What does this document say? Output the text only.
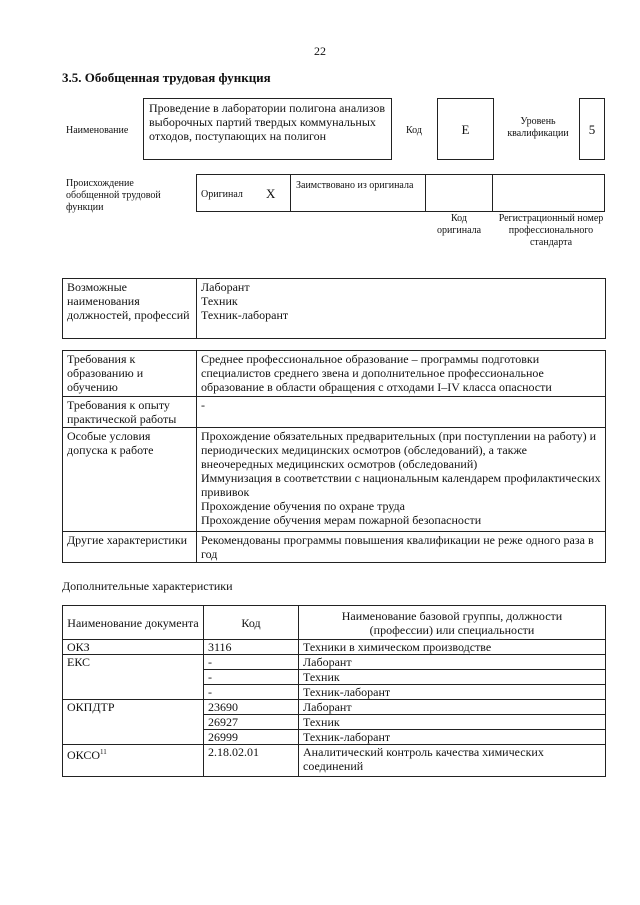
22
3.5. Обобщенная трудовая функция
Наименование
Проведение в лаборатории полигона анализов выборочных партий твердых коммунальных отходов, поступающих на полигон	Код	E
Уровень квалификации	5
Происхождение обобщенной трудовой функции
Оригинал X
Заимствовано из оригинала
Код оригинала
Регистрационный номер профессионального стандарта
Возможные наименования должностей, профессий	
Лаборант
Техник
Техник-лаборант
Требования к образованию и обучению	Среднее профессиональное образование – программы подготовки специалистов среднего звена и дополнительное профессиональное образование в области обращения с отходами I–IV класса опасности
Требования к опыту практической работы	-
Особые условия допуска к работе	Прохождение обязательных предварительных (при поступлении на работу) и периодических медицинских осмотров (обследований), а также внеочередных медицинских осмотров (обследований)
Иммунизация в соответствии с национальным календарем профилактических прививок
Прохождение обучения по охране труда
Прохождение обучения мерам пожарной безопасности

Другие характеристики	Рекомендованы программы повышения квалификации не реже одного раза в год
Дополнительные характеристики
Наименование документа	Код	Наименование базовой группы, должности (профессии) или специальности
ОКЗ	3116	Техники в химическом производстве
ЕКС	-	Лаборант
	-	Техник
	-	Техник-лаборант
ОКПДТР	23690	Лаборант
	26927	Техник
	26999	Техник-лаборант
ОКСО$^{11}$	2.18.02.01	Аналитический контроль качества химических соединений
